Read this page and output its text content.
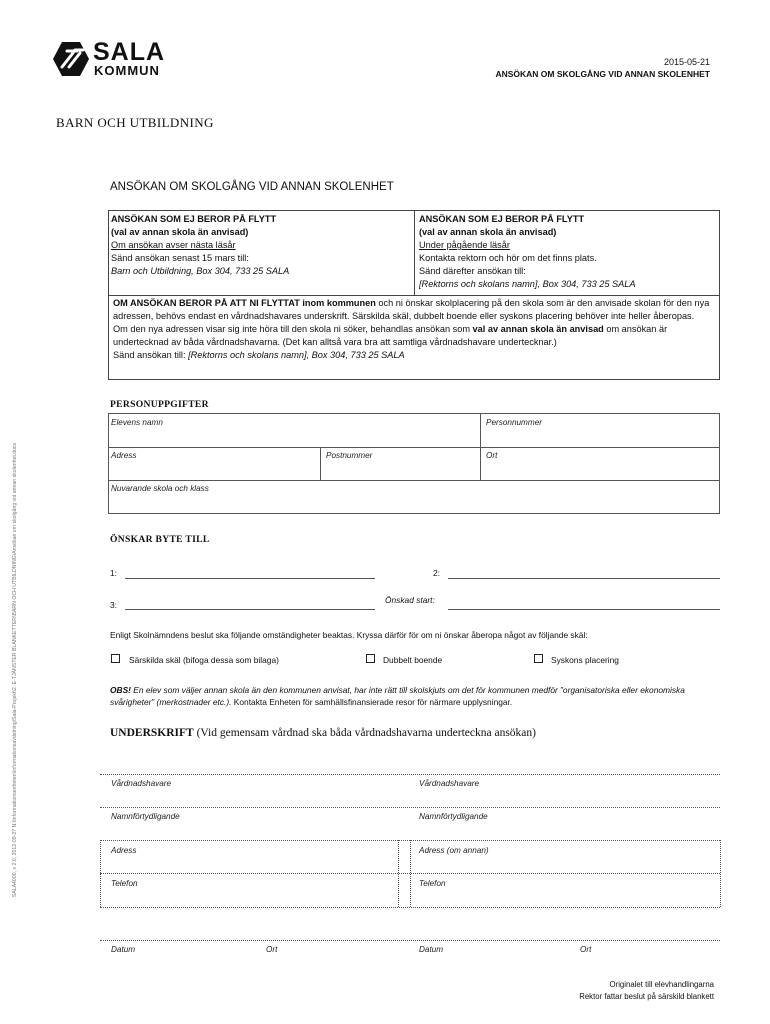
SALA
KOMMUN
2015-05-21
ANSÖKAN OM SKOLGÅNG VID ANNAN SKOLENHET
BARN OCH UTBILDNING
ANSÖKAN OM SKOLGÅNG VID ANNAN SKOLENHET
ANSÖKAN SOM EJ BEROR PÅ FLYTT
(val av annan skola än anvisad)
Om ansökan avser nästa läsår
Sänd ansökan senast 15 mars till:
Barn och Utbildning, Box 304, 733 25 SALA
ANSÖKAN SOM EJ BEROR PÅ FLYTT
(val av annan skola än anvisad)
Under pågående läsår
Kontakta rektorn och hör om det finns plats.
Sänd därefter ansökan till:
[Rektorns och skolans namn], Box 304, 733 25 SALA
OM ANSÖKAN BEROR PÅ ATT NI FLYTTAT inom kommunen och ni önskar skolplacering på den skola som är den anvisade skolan för den nya adressen, behövs endast en vårdnadshavares underskrift. Särskilda skäl, dubbelt boende eller syskons placering behöver inte heller åberopas.
Om den nya adressen visar sig inte höra till den skola ni söker, behandlas ansökan som val av annan skola än anvisad om ansökan är undertecknad av båda vårdnadshavarna. (Det kan alltså vara bra att samtliga vårdnadshavare undertecknar.)
Sänd ansökan till: [Rektorns och skolans namn], Box 304, 733 25 SALA
PERSONUPPGIFTER
Elevens namn	Personnummer
Adress	Postnummer	Ort
Nuvarande skola och klass
ÖNSKAR BYTE TILL
1:	2:
3:	Önskad start:
Enligt Skolnämndens beslut ska följande omständigheter beaktas. Kryssa därför för om ni önskar åberopa något av följande skäl:
Särskilda skäl (bifoga dessa som bilaga)	Dubbelt boende	Syskons placering
OBS! En elev som väljer annan skola än den kommunen anvisat, har inte rätt till skolskjuts om det för kommunen medför ”organisatoriska eller ekonomiska svårigheter” (merkostnader etc.). Kontakta Enheten för samhällsfinansierade resor för närmare upplysningar.
UNDERSKRIFT (Vid gemensam vårdnad ska båda vårdnadshavarna underteckna ansökan)
Vårdnadshavare	Vårdnadshavare
Namnförtydligande	Namnförtydligande
Adress	Adress (om annan)
Telefon	Telefon
Datum	Ort	Datum	Ort
Originalet till elevhandlingarna
Rektor fattar beslut på särskild blankett
SALA4000, v 2.0, 2012-09-27 N:\Informationsenheten\Informationsavdelning\Sala-Projekt\2. E-TJÄNSTER BLANKETTER\BARN OCH UTBILDNING\Ansökan om skolgång vid annan skolenhet.docx
